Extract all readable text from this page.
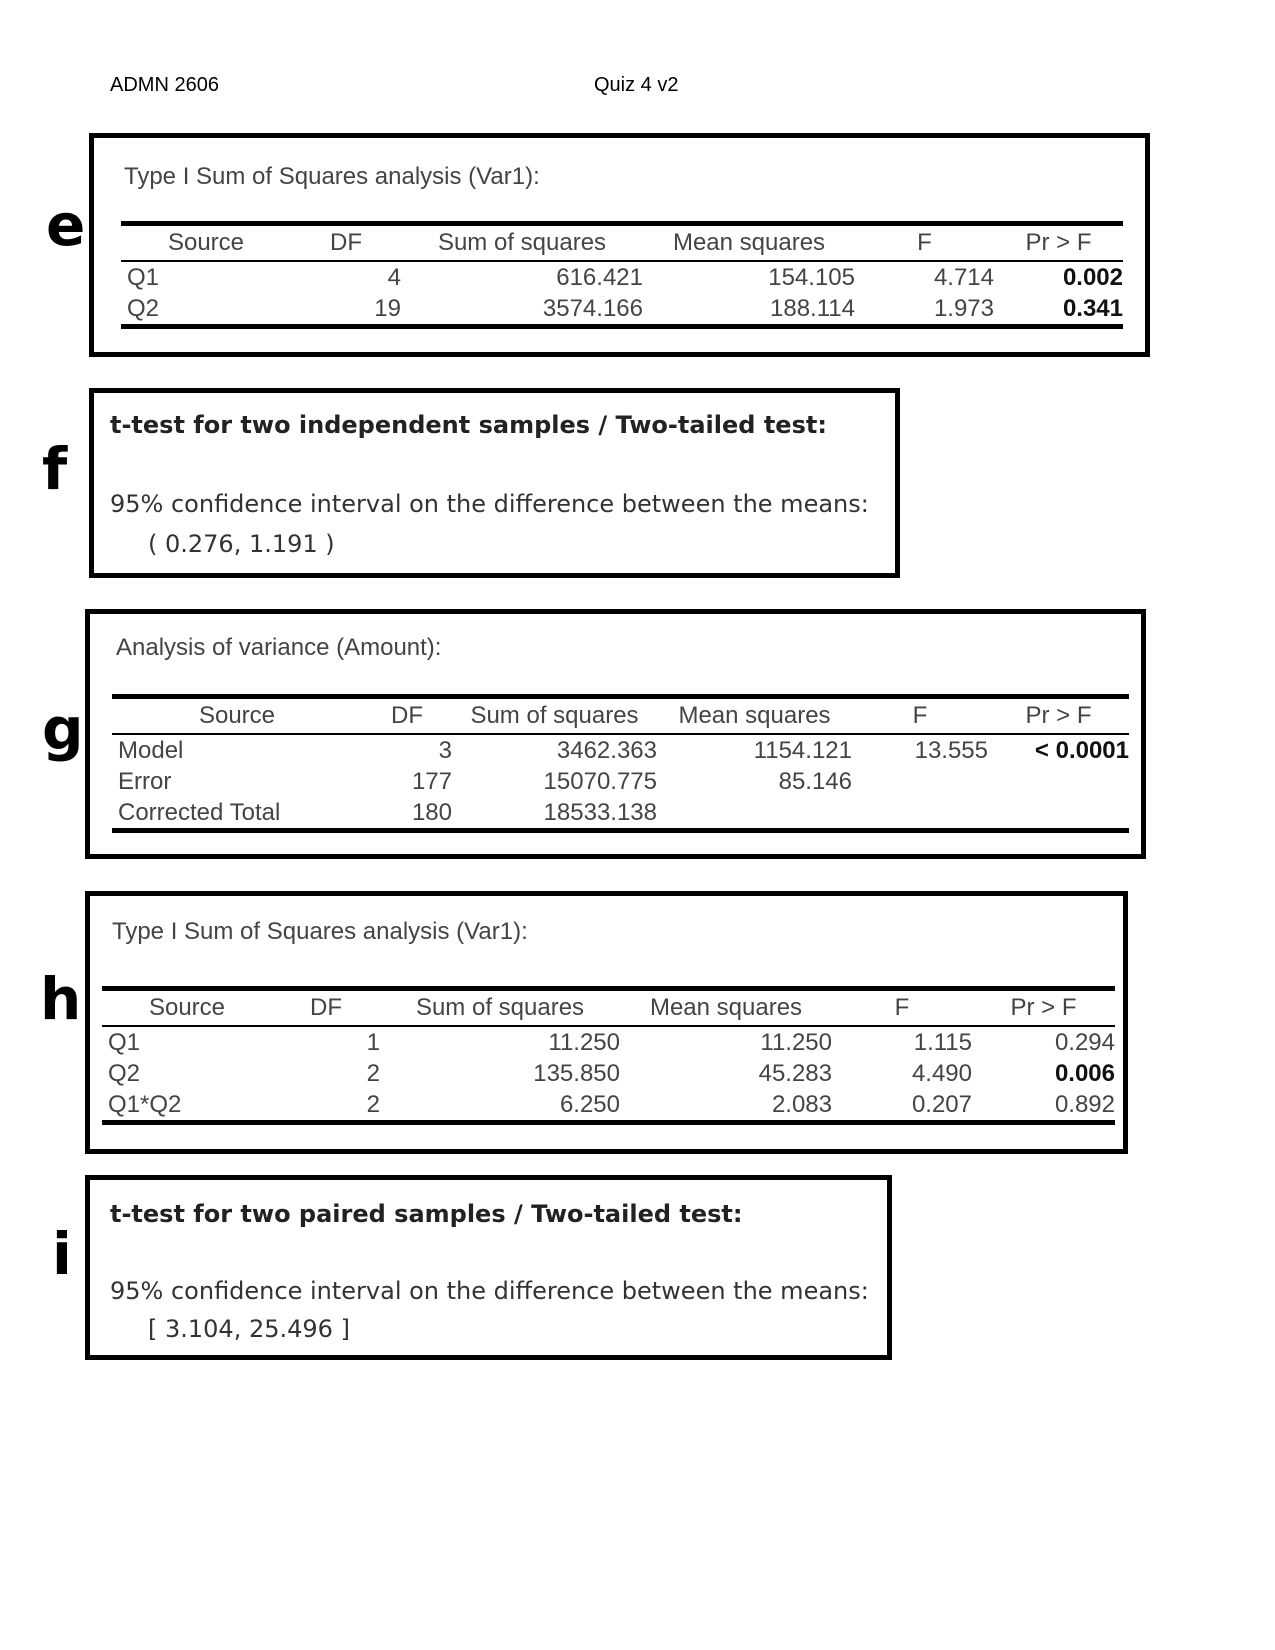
ADMN 2606	Quiz 4 v2
e
Type I Sum of Squares analysis (Var1):
Source	DF	Sum of squares	Mean squares	F	Pr > F
Q1	4	616.421	154.105	4.714	0.002
Q2	19	3574.166	188.114	1.973	0.341
f
t-test for two independent samples / Two-tailed test:
95% confidence interval on the difference between the means:
( 0.276, 1.191 )
g
Analysis of variance (Amount):
Source	DF	Sum of squares	Mean squares	F	Pr > F
Model	3	3462.363	1154.121	13.555	< 0.0001
Error	177	15070.775	85.146		
Corrected Total	180	18533.138			
h
Type I Sum of Squares analysis (Var1):
Source	DF	Sum of squares	Mean squares	F	Pr > F
Q1	1	11.250	11.250	1.115	0.294
Q2	2	135.850	45.283	4.490	0.006
Q1*Q2	2	6.250	2.083	0.207	0.892
i
t-test for two paired samples / Two-tailed test:
95% confidence interval on the difference between the means:
[ 3.104, 25.496 ]
